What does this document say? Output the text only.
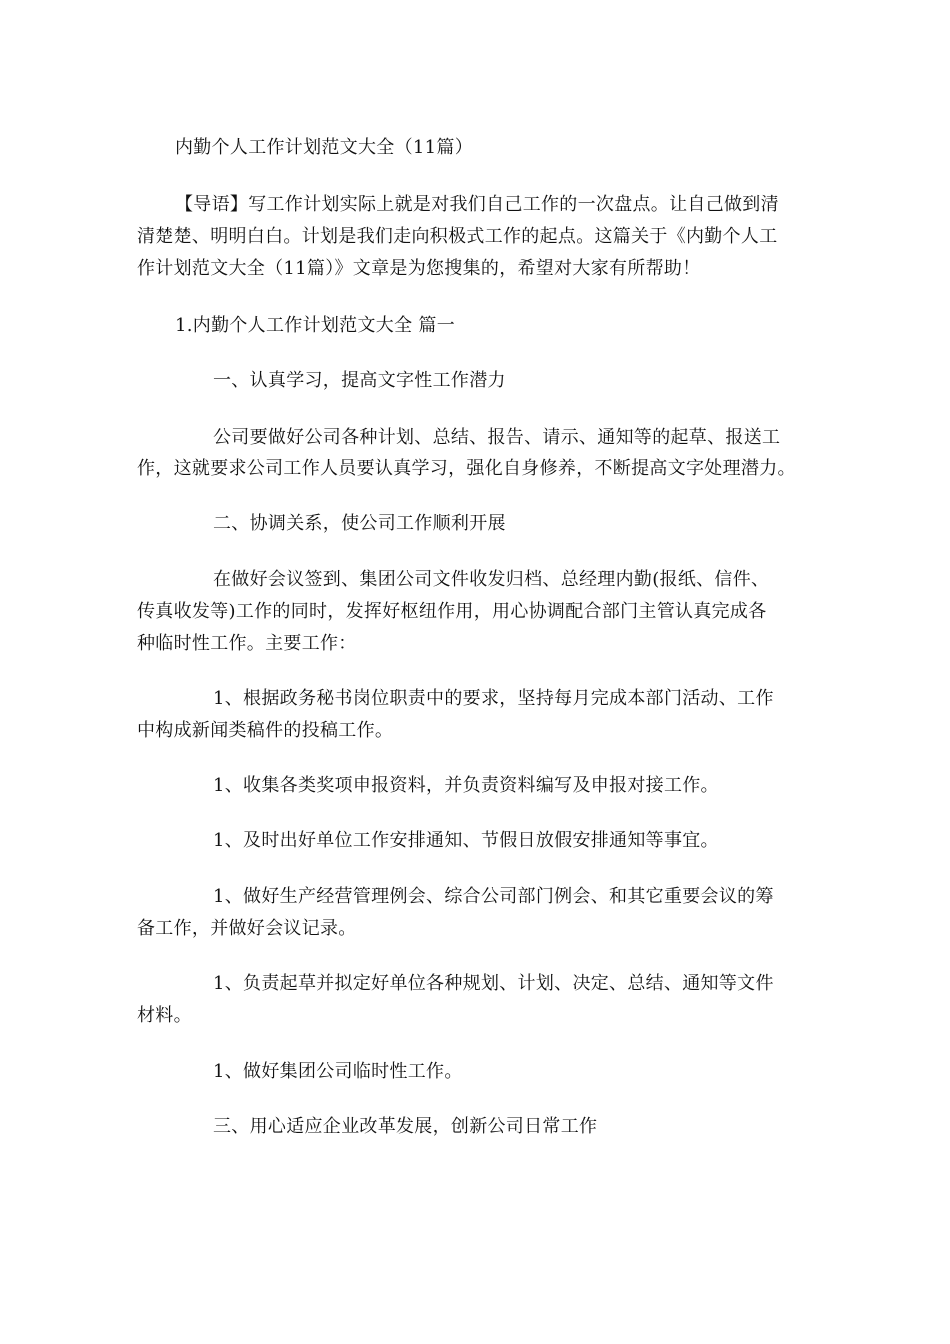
内勤个人工作计划范文大全（11篇）
【导语】写工作计划实际上就是对我们自己工作的一次盘点。让自己做到清
清楚楚、明明白白。计划是我们走向积极式工作的起点。这篇关于《内勤个人工
作计划范文大全（11篇）》文章是为您搜集的，希望对大家有所帮助！
1.内勤个人工作计划范文大全 篇一
一、认真学习，提高文字性工作潜力
公司要做好公司各种计划、总结、报告、请示、通知等的起草、报送工
作，这就要求公司工作人员要认真学习，强化自身修养，不断提高文字处理潜力。
二、协调关系，使公司工作顺利开展
在做好会议签到、集团公司文件收发归档、总经理内勤(报纸、信件、
传真收发等)工作的同时，发挥好枢纽作用，用心协调配合部门主管认真完成各
种临时性工作。主要工作：
1、根据政务秘书岗位职责中的要求，坚持每月完成本部门活动、工作
中构成新闻类稿件的投稿工作。
1、收集各类奖项申报资料，并负责资料编写及申报对接工作。
1、及时出好单位工作安排通知、节假日放假安排通知等事宜。
1、做好生产经营管理例会、综合公司部门例会、和其它重要会议的筹
备工作，并做好会议记录。
1、负责起草并拟定好单位各种规划、计划、决定、总结、通知等文件
材料。
1、做好集团公司临时性工作。
三、用心适应企业改革发展，创新公司日常工作
